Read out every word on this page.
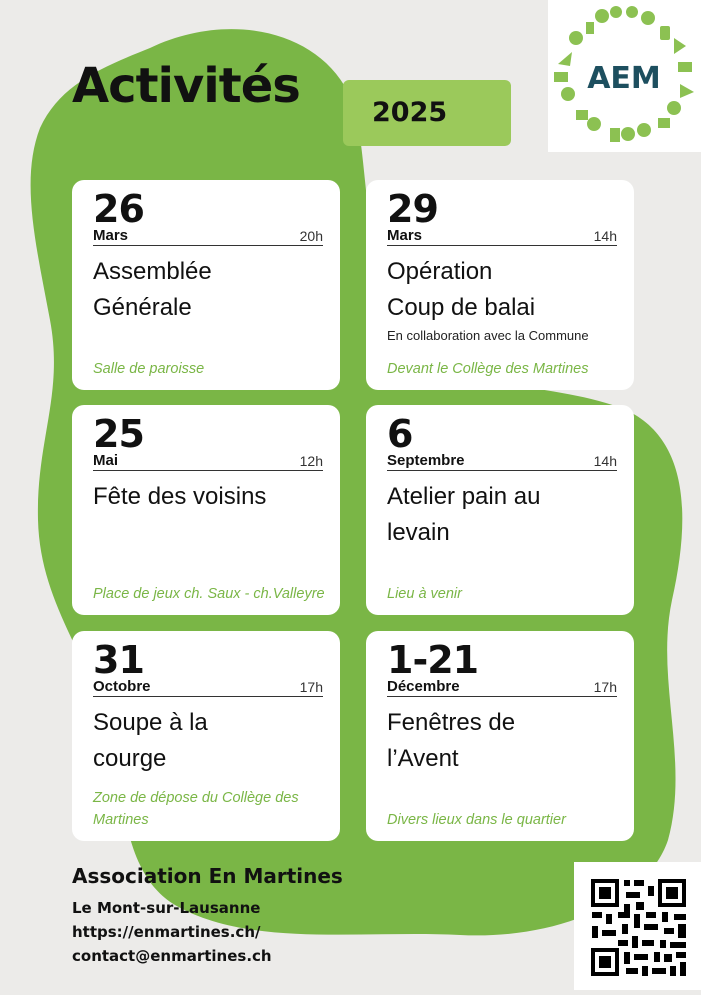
Activités	2025
AEM
26
Mars	20h
Assemblée
Générale
Salle de paroisse
29
Mars	14h
Opération
Coup de balai
En collaboration avec la Commune
Devant le Collège des Martines
25
Mai	12h
Fête des voisins
Place de jeux ch. Saux - ch.Valleyre
6
Septembre	14h
Atelier pain au
levain
Lieu à venir
31
Octobre	17h
Soupe à la
courge
Zone de dépose du Collège des Martines
1-21
Décembre	17h
Fenêtres de
l’Avent
Divers lieux dans le quartier
Association En Martines
Le Mont-sur-Lausanne
https://enmartines.ch/
contact@enmartines.ch
